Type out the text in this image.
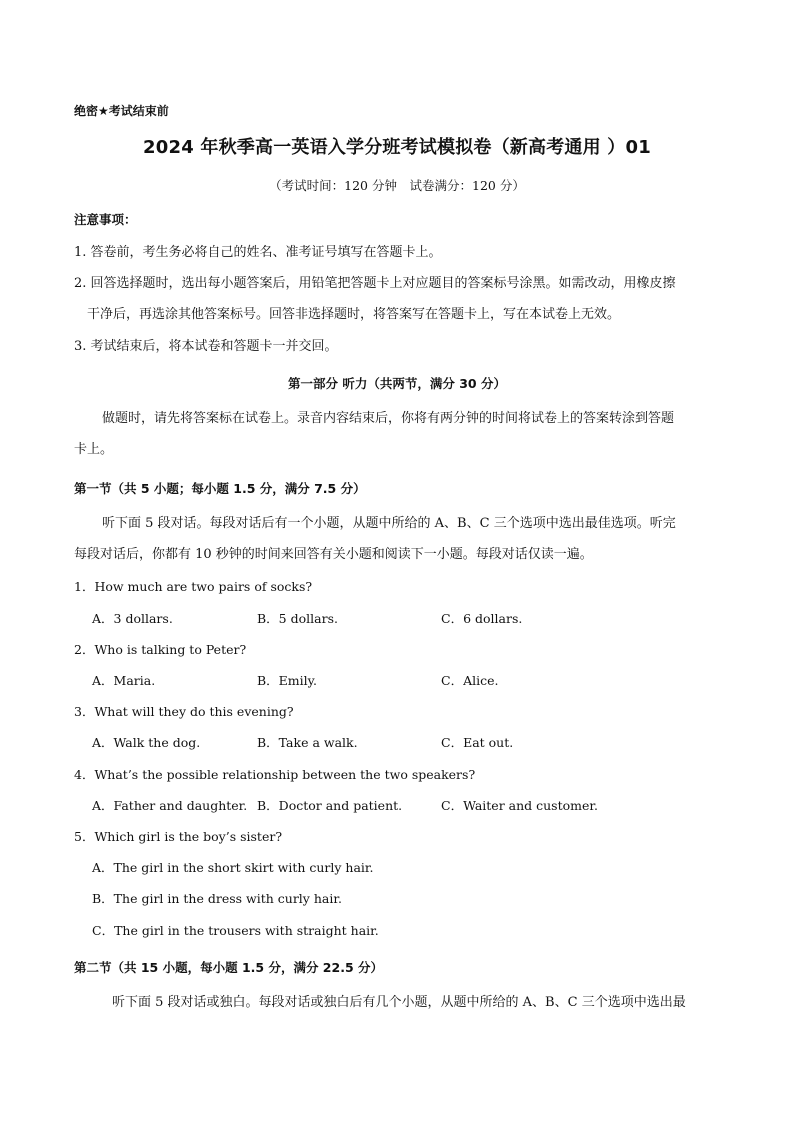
绝密★考试结束前
2024 年秋季高一英语入学分班考试模拟卷（新高考通用 ）01
（考试时间：120 分钟　试卷满分：120 分）
注意事项：
1. 答卷前，考生务必将自己的姓名、准考证号填写在答题卡上。
2. 回答选择题时，选出每小题答案后，用铅笔把答题卡上对应题目的答案标号涂黑。如需改动，用橡皮擦
干净后，再选涂其他答案标号。回答非选择题时，将答案写在答题卡上，写在本试卷上无效。
3. 考试结束后，将本试卷和答题卡一并交回。
第一部分 听力（共两节，满分 30 分）
做题时，请先将答案标在试卷上。录音内容结束后，你将有两分钟的时间将试卷上的答案转涂到答题
卡上。
第一节（共 5 小题；每小题 1.5 分，满分 7.5 分）
听下面 5 段对话。每段对话后有一个小题，从题中所给的 A、B、C 三个选项中选出最佳选项。听完
每段对话后，你都有 10 秒钟的时间来回答有关小题和阅读下一小题。每段对话仅读一遍。
1．How much are two pairs of socks?
A．3 dollars.	B．5 dollars.	C．6 dollars.
2．Who is talking to Peter?
A．Maria.	B．Emily.	C．Alice.
3．What will they do this evening?
A．Walk the dog.	B．Take a walk.	C．Eat out.
4．What’s the possible relationship between the two speakers?
A．Father and daughter. B．Doctor and patient.	C．Waiter and customer.
5．Which girl is the boy’s sister?
A．The girl in the short skirt with curly hair.
B．The girl in the dress with curly hair.
C．The girl in the trousers with straight hair.
第二节（共 15 小题，每小题 1.5 分，满分 22.5 分）
听下面 5 段对话或独白。每段对话或独白后有几个小题，从题中所给的 A、B、C 三个选项中选出最
